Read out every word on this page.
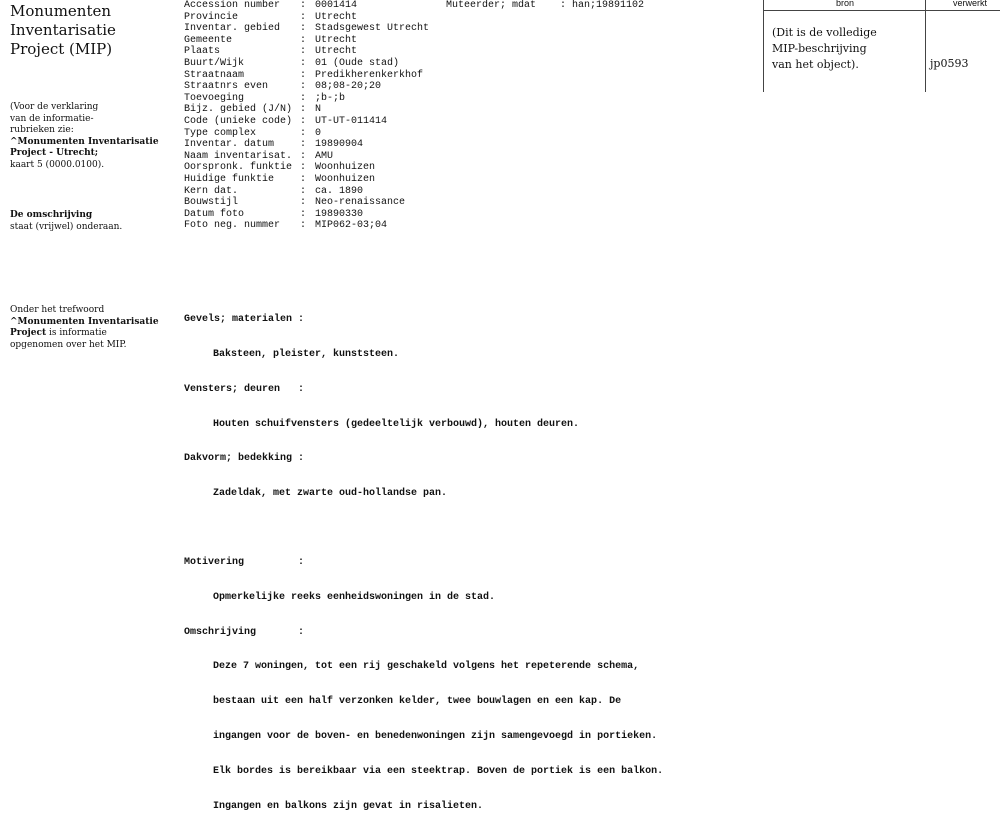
Monumenten
Inventarisatie
Project (MIP)
(Voor de verklaring
van de informatie-
rubrieken zie:
^Monumenten Inventarisatie
Project - Utrecht;
kaart 5 (0000.0100).
De omschrijving
staat (vrijwel) onderaan.
Onder het trefwoord
^Monumenten Inventarisatie
Project is informatie
opgenomen over het MIP.
Accession number	: 0001414
Provincie	: Utrecht
Inventar. gebied	: Stadsgewest Utrecht
Gemeente	: Utrecht
Plaats	: Utrecht
Buurt/Wijk	: 01 (Oude stad)
Straatnaam	: Predikherenkerkhof
Straatnrs even	: 08;08-20;20
Toevoeging	: ;b-;b
Bijz. gebied (J/N) : N
Code (unieke code) : UT-UT-011414
Type complex	: 0
Inventar. datum	: 19890904
Naam inventarisat. : AMU
Oorspronk. funktie : Woonhuizen
Huidige funktie	: Woonhuizen
Kern dat.	: ca. 1890
Bouwstijl	: Neo-renaissance
Datum foto	: 19890330
Foto neg. nummer	: MIP062-03;04
Muteerder; mdat    : han;19891102

Gevels; materialen :

Baksteen, pleister, kunststeen.

Vensters; deuren   :

Houten schuifvensters (gedeeltelijk verbouwd), houten deuren.

Dakvorm; bedekking :

Zadeldak, met zwarte oud-hollandse pan.

Motivering         :

Opmerkelijke reeks eenheidswoningen in de stad.

Omschrijving       :

Deze 7 woningen, tot een rij geschakeld volgens het repeterende schema,

bestaan uit een half verzonken kelder, twee bouwlagen en een kap. De

ingangen voor de boven- en benedenwoningen zijn samengevoegd in portieken.

Elk bordes is bereikbaar via een steektrap. Boven de portiek is een balkon.

Ingangen en balkons zijn gevat in risalieten.

bron	verwerkt
(Dit is de volledige
MIP-beschrijving
van het object).	jp0593
